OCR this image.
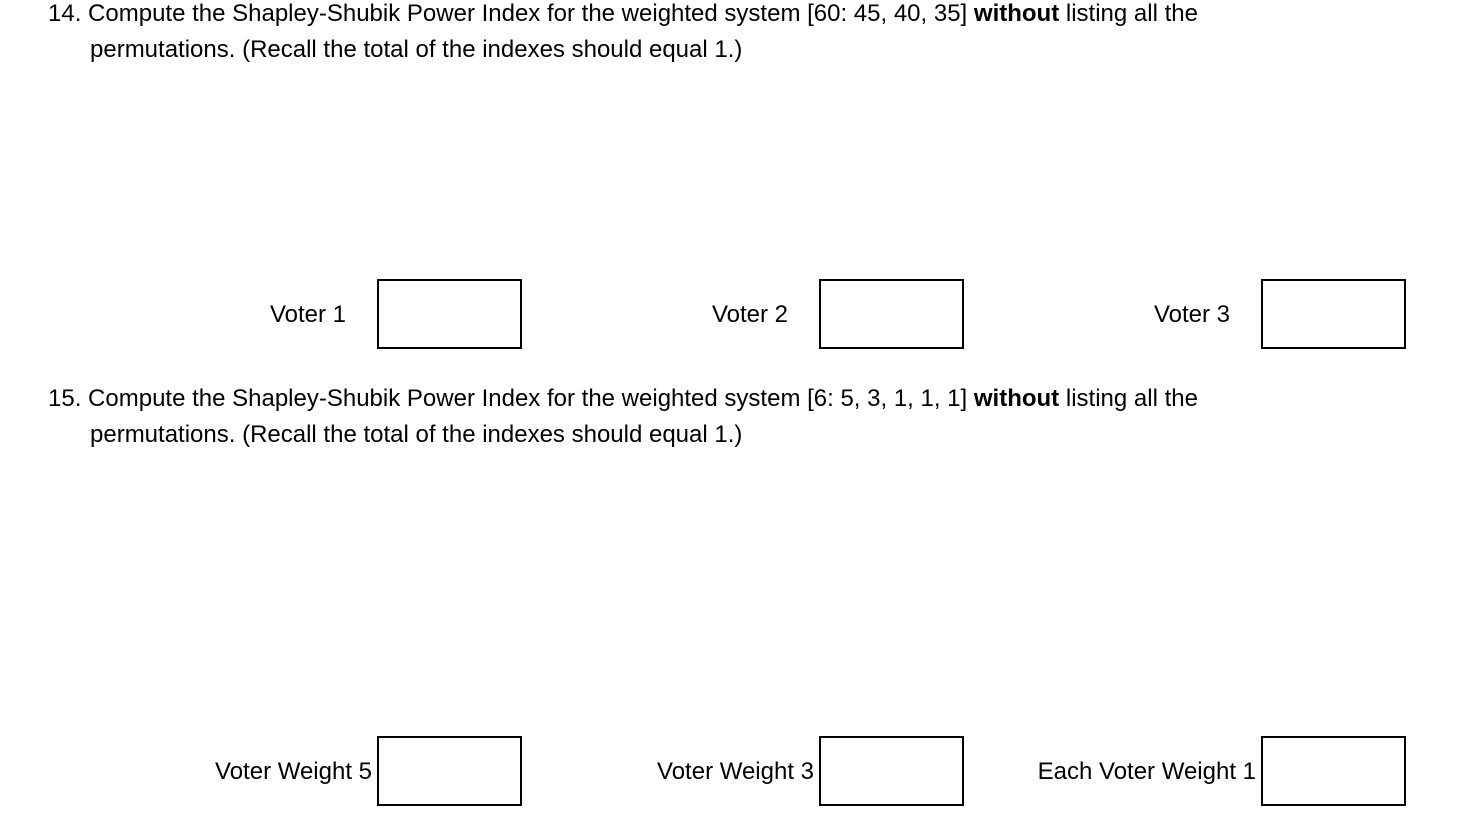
14. Compute the Shapley-Shubik Power Index for the weighted system [60: 45, 40, 35] without listing all the
permutations. (Recall the total of the indexes should equal 1.)
Voter 1	Voter 2	Voter 3
15. Compute the Shapley-Shubik Power Index for the weighted system [6: 5, 3, 1, 1, 1] without listing all the
permutations. (Recall the total of the indexes should equal 1.)
Voter Weight 5	Voter Weight 3	Each Voter Weight 1
